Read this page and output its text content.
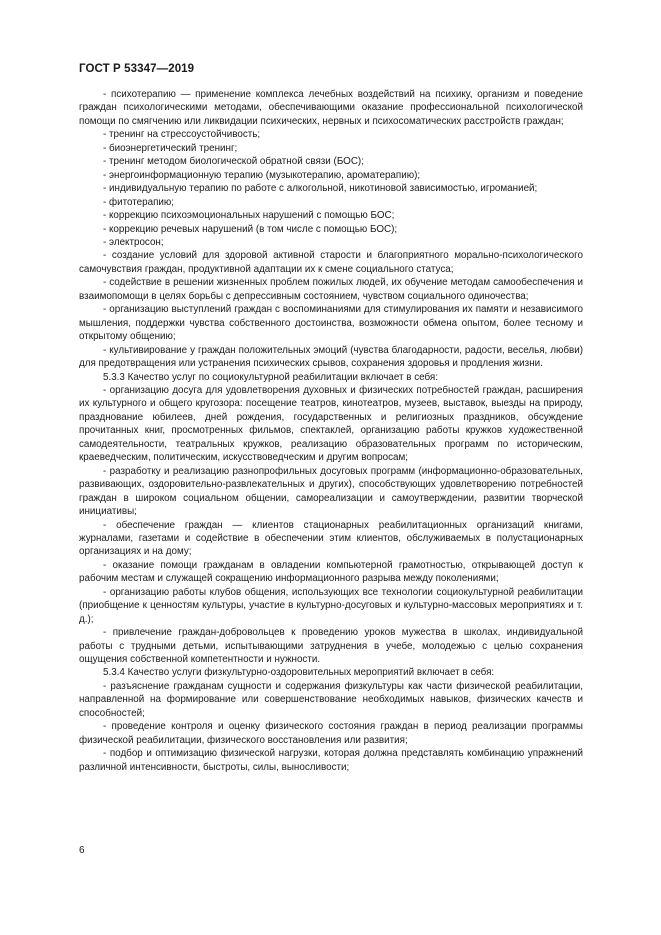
ГОСТ Р 53347—2019

- психотерапию — применение комплекса лечебных воздействий на психику, организм и поведение граждан психологическими методами, обеспечивающими оказание профессиональной психологической помощи по смягчению или ликвидации психических, нервных и психосоматических расстройств граждан;

- тренинг на стрессоустойчивость;

- биоэнергетический тренинг;

- тренинг методом биологической обратной связи (БОС);

- энергоинформационную терапию (музыкотерапию, ароматерапию);

- индивидуальную терапию по работе с алкогольной, никотиновой зависимостью, игроманией;

- фитотерапию;

- коррекцию психоэмоциональных нарушений с помощью БОС;

- коррекцию речевых нарушений (в том числе с помощью БОС);

- электросон;

- создание условий для здоровой активной старости и благоприятного морально-психологического самочувствия граждан, продуктивной адаптации их к смене социального статуса;

- содействие в решении жизненных проблем пожилых людей, их обучение методам самообеспечения и взаимопомощи в целях борьбы с депрессивным состоянием, чувством социального одиночества;

- организацию выступлений граждан с воспоминаниями для стимулирования их памяти и независимого мышления, поддержки чувства собственного достоинства, возможности обмена опытом, более тесному и открытому общению;

- культивирование у граждан положительных эмоций (чувства благодарности, радости, веселья, любви) для предотвращения или устранения психических срывов, сохранения здоровья и продления жизни.

5.3.3 Качество услуг по социокультурной реабилитации включает в себя:

- организацию досуга для удовлетворения духовных и физических потребностей граждан, расширения их культурного и общего кругозора: посещение театров, кинотеатров, музеев, выставок, выезды на природу, празднование юбилеев, дней рождения, государственных и религиозных праздников, обсуждение прочитанных книг, просмотренных фильмов, спектаклей, организацию работы кружков художественной самодеятельности, театральных кружков, реализацию образовательных программ по историческим, краеведческим, политическим, искусствоведческим и другим вопросам;

- разработку и реализацию разнопрофильных досуговых программ (информационно-образовательных, развивающих, оздоровительно-развлекательных и других), способствующих удовлетворению потребностей граждан в широком социальном общении, самореализации и самоутверждении, развитии творческой инициативы;

- обеспечение граждан — клиентов стационарных реабилитационных организаций книгами, журналами, газетами и содействие в обеспечении этим клиентов, обслуживаемых в полустационарных организациях и на дому;

- оказание помощи гражданам в овладении компьютерной грамотностью, открывающей доступ к рабочим местам и служащей сокращению информационного разрыва между поколениями;

- организацию работы клубов общения, использующих все технологии социокультурной реабилитации (приобщение к ценностям культуры, участие в культурно-досуговых и культурно-массовых мероприятиях и т. д.);

- привлечение граждан-добровольцев к проведению уроков мужества в школах, индивидуальной работы с трудными детьми, испытывающими затруднения в учебе, молодежью с целью сохранения ощущения собственной компетентности и нужности.

5.3.4 Качество услуги физкультурно-оздоровительных мероприятий включает в себя:

- разъяснение гражданам сущности и содержания физкультуры как части физической реабилитации, направленной на формирование или совершенствование необходимых навыков, физических качеств и способностей;

- проведение контроля и оценку физического состояния граждан в период реализации программы физической реабилитации, физического восстановления или развития;

- подбор и оптимизацию физической нагрузки, которая должна представлять комбинацию упражнений различной интенсивности, быстроты, силы, выносливости;

6
